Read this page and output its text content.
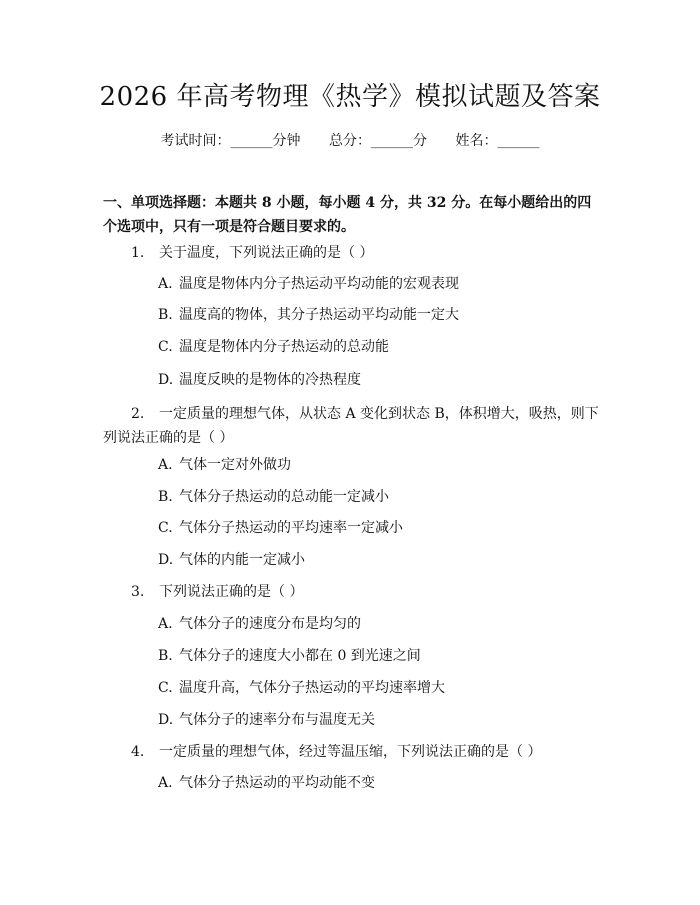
2026 年高考物理《热学》模拟试题及答案
考试时间：______分钟 总分：______分 姓名：______
一、单项选择题：本题共 8 小题，每小题 4 分，共 32 分。在每小题给出的四个选项中，只有一项是符合题目要求的。
1. 关于温度，下列说法正确的是（ ）
A. 温度是物体内分子热运动平均动能的宏观表现
B. 温度高的物体，其分子热运动平均动能一定大
C. 温度是物体内分子热运动的总动能
D. 温度反映的是物体的冷热程度
2. 一定质量的理想气体，从状态 A 变化到状态 B，体积增大，吸热，则下列说法正确的是（ ）
A. 气体一定对外做功
B. 气体分子热运动的总动能一定减小
C. 气体分子热运动的平均速率一定减小
D. 气体的内能一定减小
3. 下列说法正确的是（ ）
A. 气体分子的速度分布是均匀的
B. 气体分子的速度大小都在 0 到光速之间
C. 温度升高，气体分子热运动的平均速率增大
D. 气体分子的速率分布与温度无关
4. 一定质量的理想气体，经过等温压缩，下列说法正确的是（ ）
A. 气体分子热运动的平均动能不变
